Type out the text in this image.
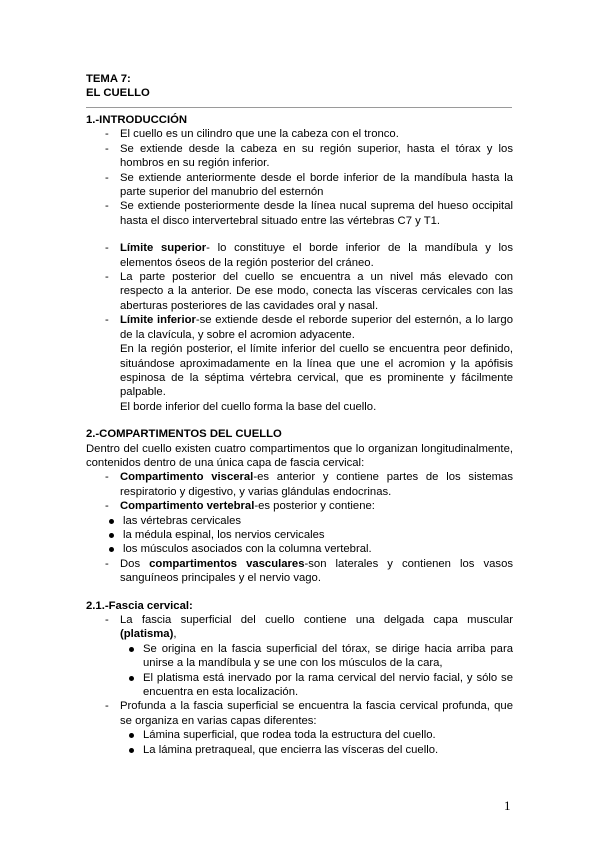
TEMA 7:
EL CUELLO
1.-INTRODUCCIÓN
- El cuello es un cilindro que une la cabeza con el tronco.
- Se extiende desde la cabeza en su región superior, hasta el tórax y los hombros en su región inferior.
- Se extiende anteriormente desde el borde inferior de la mandíbula hasta la parte superior del manubrio del esternón
- Se extiende posteriormente desde la línea nucal suprema del hueso occipital hasta el disco intervertebral situado entre las vértebras C7 y T1.
- Límite superior- lo constituye el borde inferior de la mandíbula y los elementos óseos de la región posterior del cráneo.
- La parte posterior del cuello se encuentra a un nivel más elevado con respecto a la anterior. De ese modo, conecta las vísceras cervicales con las aberturas posteriores de las cavidades oral y nasal.
- Límite inferior-se extiende desde el reborde superior del esternón, a lo largo de la clavícula, y sobre el acromion adyacente.
En la región posterior, el límite inferior del cuello se encuentra peor definido, situándose aproximadamente en la línea que une el acromion y la apófisis espinosa de la séptima vértebra cervical, que es prominente y fácilmente palpable.
El borde inferior del cuello forma la base del cuello.
2.-COMPARTIMENTOS DEL CUELLO
Dentro del cuello existen cuatro compartimentos que lo organizan longitudinalmente, contenidos dentro de una única capa de fascia cervical:
- Compartimento visceral-es anterior y contiene partes de los sistemas respiratorio y digestivo, y varias glándulas endocrinas.
- Compartimento vertebral-es posterior y contiene:
las vértebras cervicales
la médula espinal, los nervios cervicales
los músculos asociados con la columna vertebral.
- Dos compartimentos vasculares-son laterales y contienen los vasos sanguíneos principales y el nervio vago.
2.1.-Fascia cervical:
- La fascia superficial del cuello contiene una delgada capa muscular (platisma),
Se origina en la fascia superficial del tórax, se dirige hacia arriba para unirse a la mandíbula y se une con los músculos de la cara,
El platisma está inervado por la rama cervical del nervio facial, y sólo se encuentra en esta localización.
- Profunda a la fascia superficial se encuentra la fascia cervical profunda, que se organiza en varias capas diferentes:
Lámina superficial, que rodea toda la estructura del cuello.
La lámina pretraqueal, que encierra las vísceras del cuello.
1
